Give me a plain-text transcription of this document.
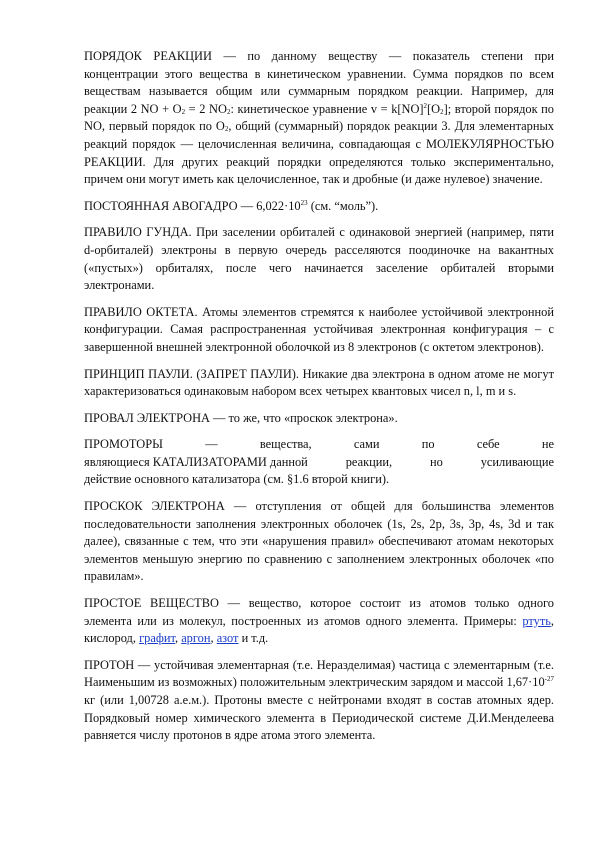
ПОРЯДОК РЕАКЦИИ — по данному веществу — показатель степени при концентрации этого вещества в кинетическом уравнении. Сумма порядков по всем веществам называется общим или суммарным порядком реакции. Например, для реакции 2 NO + $O_2 = 2$ $NO_2$: кинетическое уравнение $v = k[NO]^2[O_2]$; второй порядок по NO, первый порядок по $O_2$, общий (суммарный) порядок реакции 3. Для элементарных реакций порядок — целочисленная величина, совпадающая с МОЛЕКУЛЯРНОСТЬЮ РЕАКЦИИ. Для других реакций порядки определяются только экспериментально, причем они могут иметь как целочисленное, так и дробные (и даже нулевое) значение.

ПОСТОЯННАЯ АВОГАДРО — $6,022\cdot 10^{23}$ (см. “моль”).

ПРАВИЛО ГУНДА. При заселении орбиталей с одинаковой энергией (например, пяти d-орбиталей) электроны в первую очередь расселяются поодиночке на вакантных («пустых») орбиталях, после чего начинается заселение орбиталей вторыми электронами.

ПРАВИЛО ОКТЕТА. Атомы элементов стремятся к наиболее устойчивой электронной конфигурации. Самая распространенная устойчивая электронная конфигурация – с завершенной внешней электронной оболочкой из 8 электронов (с октетом электронов).

ПРИНЦИП ПАУЛИ. (ЗАПРЕТ ПАУЛИ). Никакие два электрона в одном атоме не могут характеризоваться одинаковым набором всех четырех квантовых чисел n, l, m и s.

ПРОВАЛ ЭЛЕКТРОНА — то же, что «проскок электрона».

ПРОМОТОРЫ	—	вещества,	сами	по	себе	не
являющиеся КАТАЛИЗАТОРАМИ данной	реакции,	но	усиливающие
действие основного катализатора (см. §1.6 второй книги).

ПРОСКОК ЭЛЕКТРОНА — отступления от общей для большинства элементов последовательности заполнения электронных оболочек (1s, 2s, 2p, 3s, 3p, 4s, 3d и так далее), связанные с тем, что эти «нарушения правил» обеспечивают атомам некоторых элементов меньшую энергию по сравнению с заполнением электронных оболочек «по правилам».

ПРОСТОЕ ВЕЩЕСТВО — вещество, которое состоит из атомов только одного элемента или из молекул, построенных из атомов одного элемента. Примеры: ртуть, кислород, графит, аргон, азот и т.д.

ПРОТОН — устойчивая элементарная (т.е. Неразделимая) частица с элементарным (т.е. Наименьшим из возможных) положительным электрическим зарядом и массой $1,67\cdot 10^{-27}$ кг (или 1,00728 а.е.м.). Протоны вместе с нейтронами входят в состав атомных ядер. Порядковый номер химического элемента в Периодической системе Д.И.Менделеева равняется числу протонов в ядре атома этого элемента.
